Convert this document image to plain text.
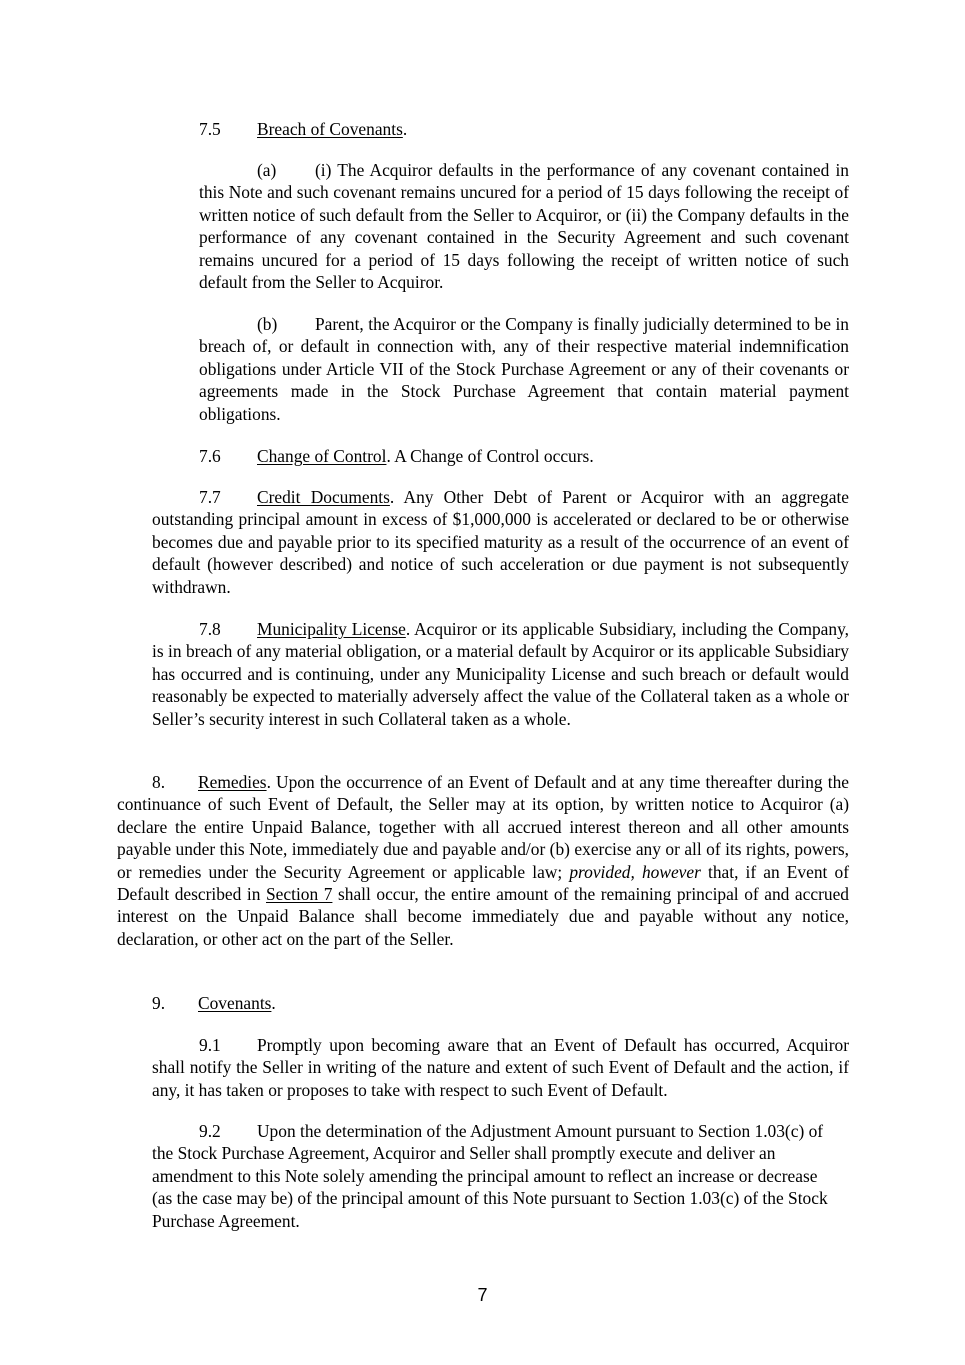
7.5 Breach of Covenants.
(a) (i) The Acquiror defaults in the performance of any covenant contained in this Note and such covenant remains uncured for a period of 15 days following the receipt of written notice of such default from the Seller to Acquiror, or (ii) the Company defaults in the performance of any covenant contained in the Security Agreement and such covenant remains uncured for a period of 15 days following the receipt of written notice of such default from the Seller to Acquiror.
(b) Parent, the Acquiror or the Company is finally judicially determined to be in breach of, or default in connection with, any of their respective material indemnification obligations under Article VII of the Stock Purchase Agreement or any of their covenants or agreements made in the Stock Purchase Agreement that contain material payment obligations.
7.6 Change of Control. A Change of Control occurs.
7.7 Credit Documents. Any Other Debt of Parent or Acquiror with an aggregate outstanding principal amount in excess of $1,000,000 is accelerated or declared to be or otherwise becomes due and payable prior to its specified maturity as a result of the occurrence of an event of default (however described) and notice of such acceleration or due payment is not subsequently withdrawn.
7.8 Municipality License. Acquiror or its applicable Subsidiary, including the Company, is in breach of any material obligation, or a material default by Acquiror or its applicable Subsidiary has occurred and is continuing, under any Municipality License and such breach or default would reasonably be expected to materially adversely affect the value of the Collateral taken as a whole or Seller’s security interest in such Collateral taken as a whole.
8. Remedies. Upon the occurrence of an Event of Default and at any time thereafter during the continuance of such Event of Default, the Seller may at its option, by written notice to Acquiror (a) declare the entire Unpaid Balance, together with all accrued interest thereon and all other amounts payable under this Note, immediately due and payable and/or (b) exercise any or all of its rights, powers, or remedies under the Security Agreement or applicable law; provided, however that, if an Event of Default described in Section 7 shall occur, the entire amount of the remaining principal of and accrued interest on the Unpaid Balance shall become immediately due and payable without any notice, declaration, or other act on the part of the Seller.
9. Covenants.
9.1 Promptly upon becoming aware that an Event of Default has occurred, Acquiror shall notify the Seller in writing of the nature and extent of such Event of Default and the action, if any, it has taken or proposes to take with respect to such Event of Default.
9.2 Upon the determination of the Adjustment Amount pursuant to Section 1.03(c) of the Stock Purchase Agreement, Acquiror and Seller shall promptly execute and deliver an amendment to this Note solely amending the principal amount to reflect an increase or decrease (as the case may be) of the principal amount of this Note pursuant to Section 1.03(c) of the Stock Purchase Agreement.
7
